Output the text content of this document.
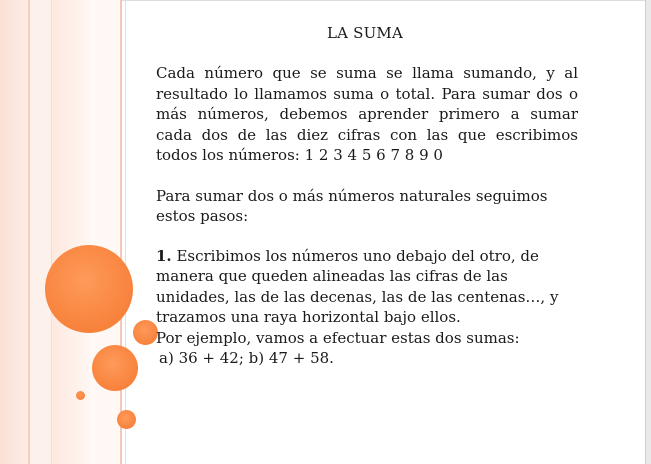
LA SUMA

Cada número que se suma se llama sumando, y al resultado lo llamamos suma o total. Para sumar dos o más números, debemos aprender primero a sumar cada dos de las diez cifras con las que escribimos todos los números: 1 2 3 4 5 6 7 8 9 0

Para sumar dos o más números naturales seguimos estos pasos:

1. Escribimos los números uno debajo del otro, de manera que queden alineadas las cifras de las unidades, las de las decenas, las de las centenas…, y trazamos una raya horizontal bajo ellos.

Por ejemplo, vamos a efectuar estas dos sumas:

a) 36 + 42; b) 47 + 58.
